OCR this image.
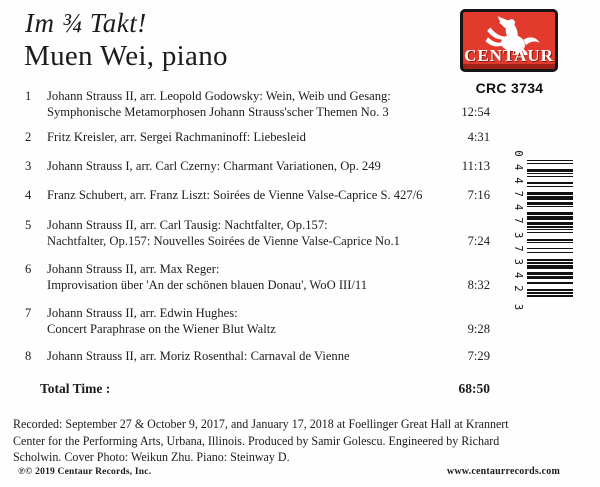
Im ¾ Takt!
Muen Wei, piano	CENTAUR
CRC 3734
1 Johann Strauss II, arr. Leopold Godowsky: Wein, Weib und Gesang:
Symphonische Metamorphosen Johann Strauss'scher Themen No. 3	12:54
2 Fritz Kreisler, arr. Sergei Rachmaninoff: Liebesleid	4:31
3 Johann Strauss I, arr. Carl Czerny: Charmant Variationen, Op. 249	11:13
4 Franz Schubert, arr. Franz Liszt: Soirées de Vienne Valse-Caprice S. 427/6	7:16
5 Johann Strauss II, arr. Carl Tausig: Nachtfalter, Op.157:
Nachtfalter, Op.157: Nouvelles Soirées de Vienne Valse-Caprice No.1	7:24
6 Johann Strauss II, arr. Max Reger:
Improvisation über 'An der schönen blauen Donau', WoO III/11	8:32
7 Johann Strauss II, arr. Edwin Hughes:
Concert Paraphrase on the Wiener Blut Waltz	9:28
8 Johann Strauss II, arr. Moriz Rosenthal: Carnaval de Vienne	7:29
Total Time :	68:50
0
44747
37342
3
Recorded: September 27 & October 9, 2017, and January 17, 2018 at Foellinger Great Hall at Krannert
Center for the Performing Arts, Urbana, Illinois. Produced by Samir Golescu. Engineered by Richard
Scholwin. Cover Photo: Weikun Zhu. Piano: Steinway D.
℗© 2019 Centaur Records, Inc.	www.centaurrecords.com
